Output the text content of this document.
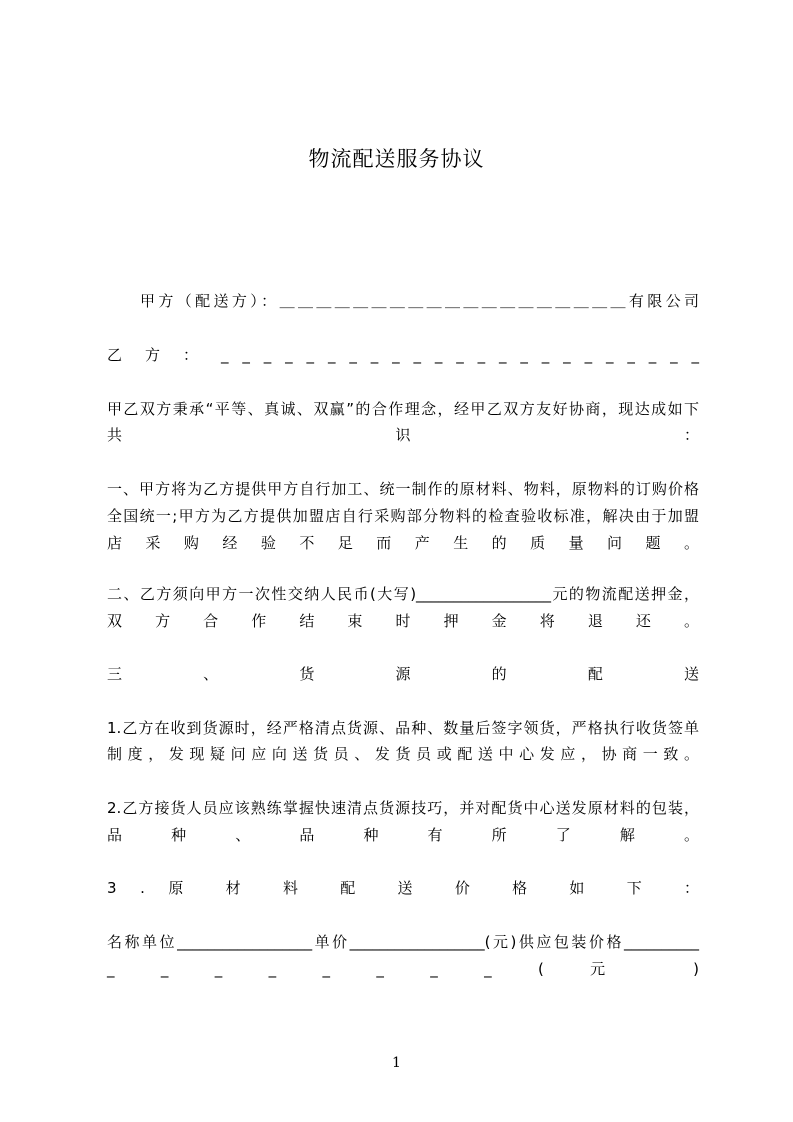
物流配送服务协议
甲方（配送方）：＿＿＿＿＿＿＿＿＿＿＿＿＿＿＿＿＿＿＿有限公司
乙 方 ： _ _ _ _ _ _ _ _ _ _ _ _ _ _ _ _ _ _ _ _ _ _ _
甲乙双方秉承“平等、真诚、双赢”的合作理念，经甲乙双方友好协商，现达成如下
共 识 ：
一、甲方将为乙方提供甲方自行加工、统一制作的原材料、物料，原物料的订购价格
全国统一;甲方为乙方提供加盟店自行采购部分物料的检查验收标准，解决由于加盟
店 采 购 经 验 不 足 而 产 生 的 质 量 问 题 。
二、乙方须向甲方一次性交纳人民币(大写)__________________元的物流配送押金，
双 方 合 作 结 束 时 押 金 将 退 还 。
三 、 货 源 的 配 送
1.乙方在收到货源时，经严格清点货源、品种、数量后签字领货，严格执行收货签单
制 度 ， 发 现 疑 问 应 向 送 货 员 、 发 货 员 或 配 送 中 心 发 应 ， 协 商 一 致 。
2.乙方接货人员应该熟练掌握快速清点货源技巧，并对配货中心送发原材料的包装，
品 种 、 品 种 有 所 了 解 。
3 . 原 材 料 配 送 价 格 如 下 ：
名称单位__________________单价__________________(元)供应包装价格__________
_ _ _ _ _ _ _ _ ( 元 )
1
